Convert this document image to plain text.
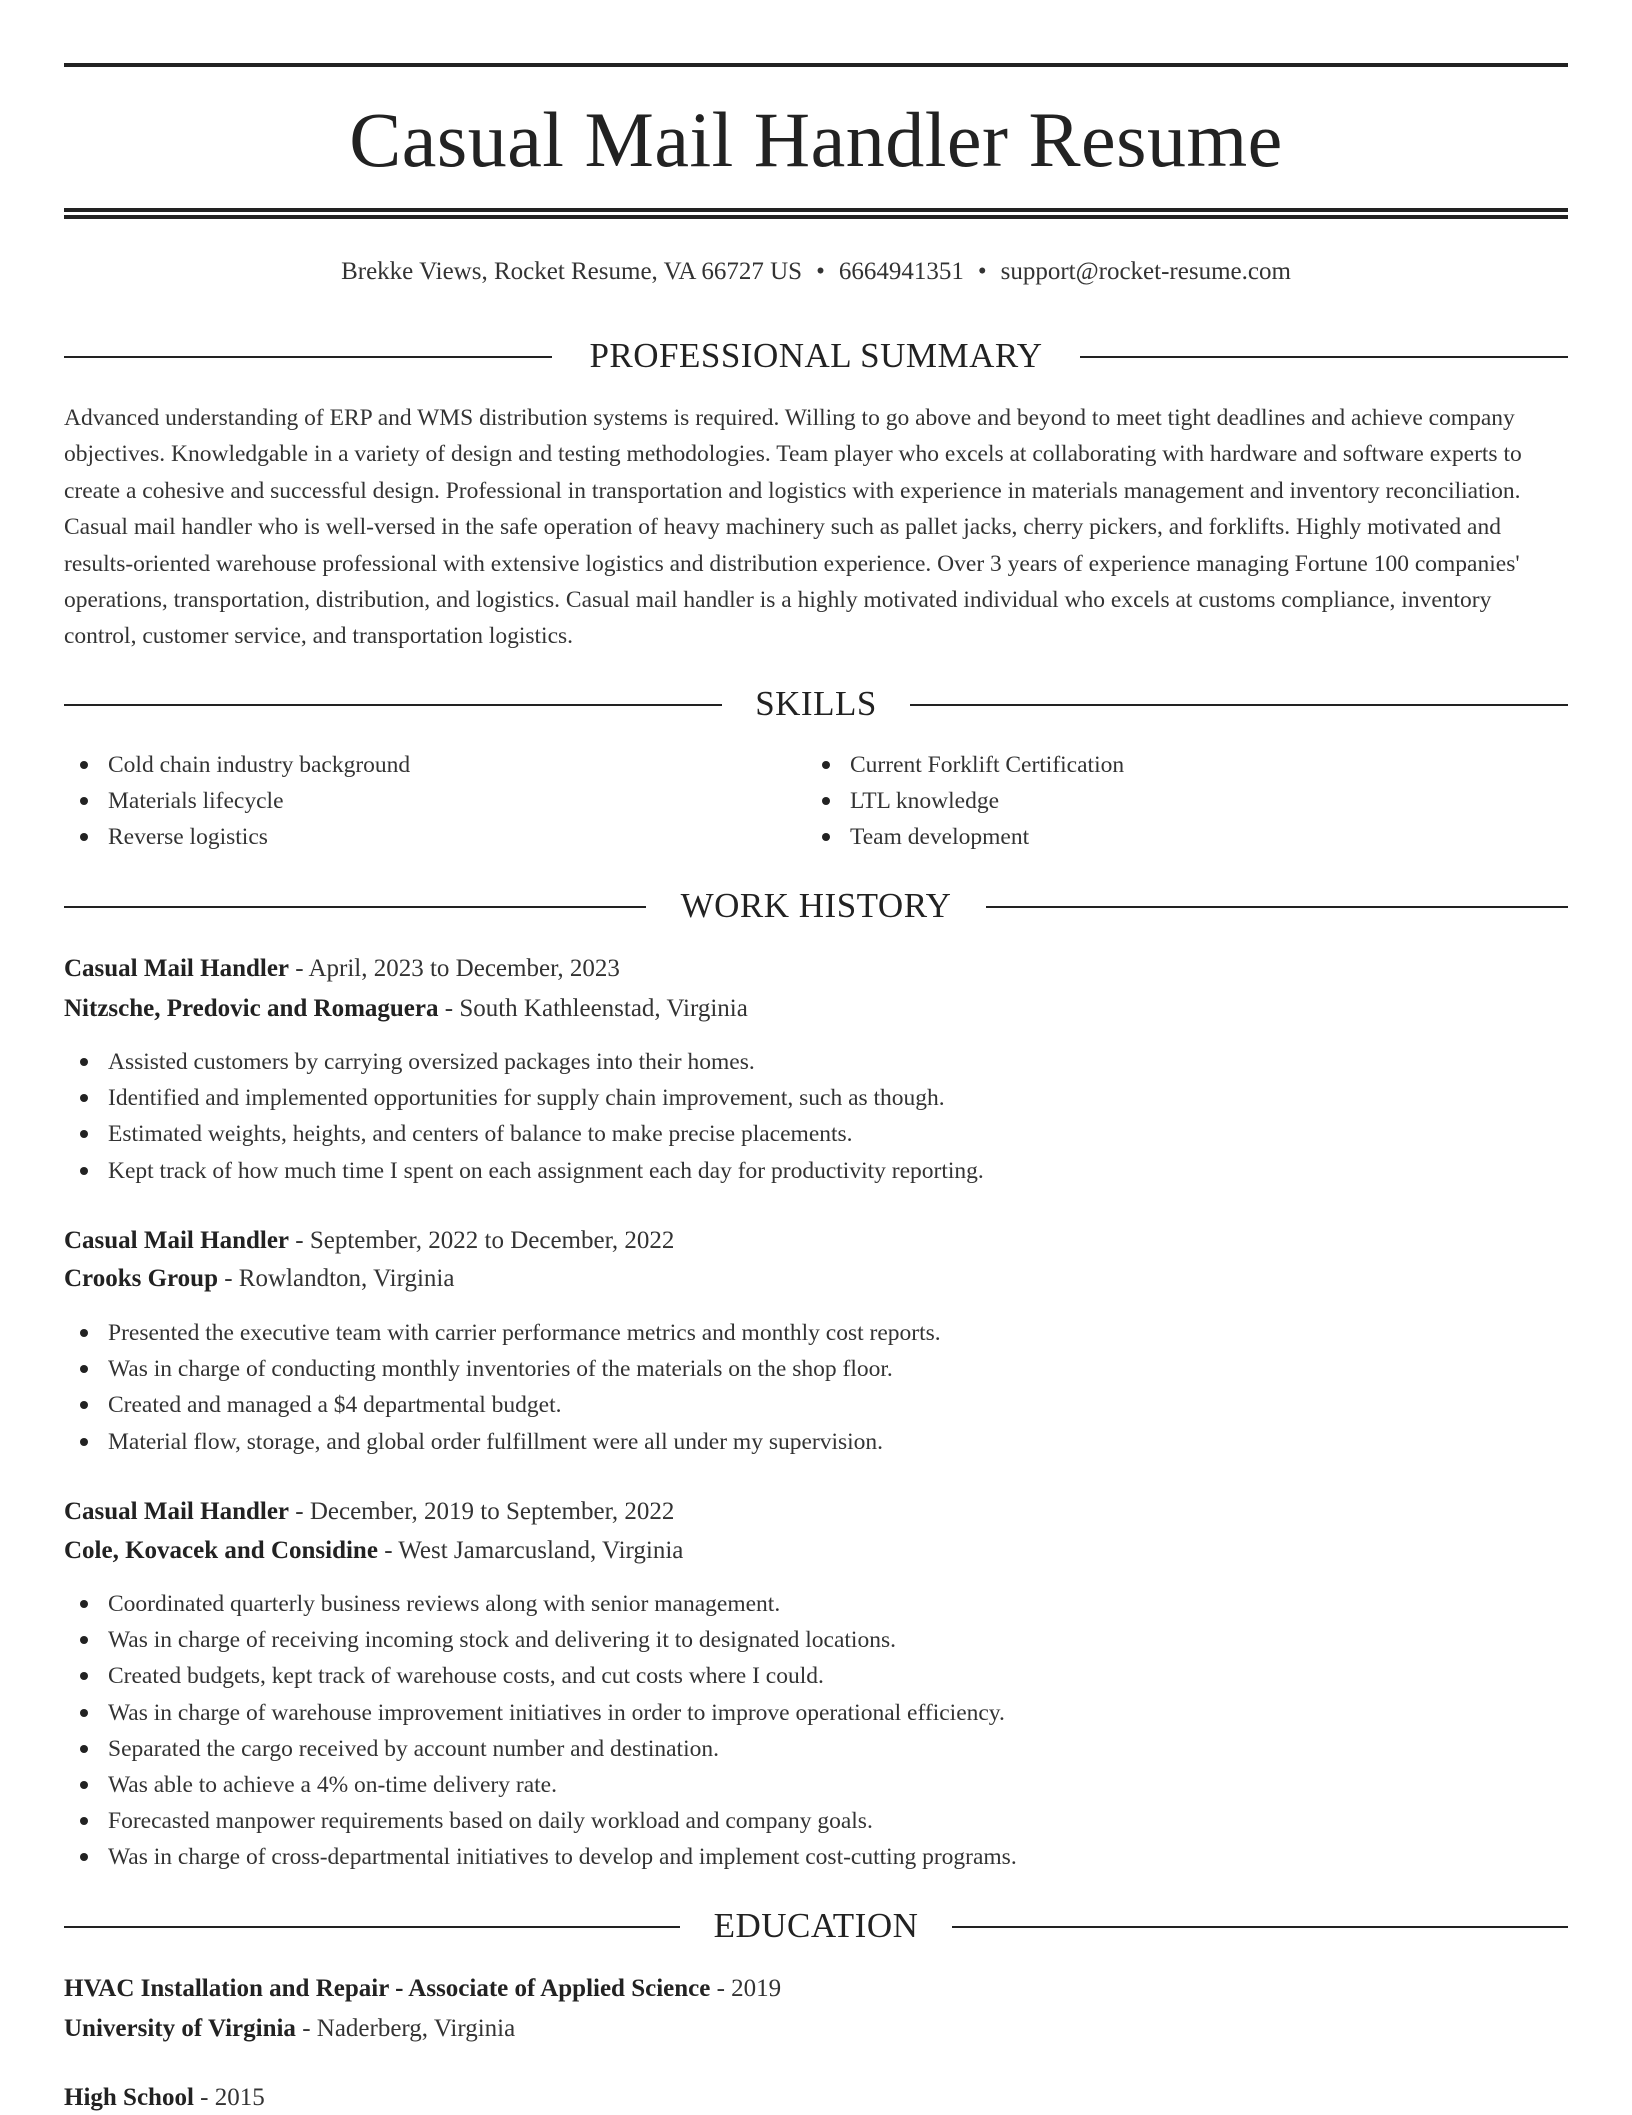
Casual Mail Handler Resume
Brekke Views, Rocket Resume, VA 66727 US • 6664941351 • support@rocket-resume.com
PROFESSIONAL SUMMARY

Advanced understanding of ERP and WMS distribution systems is required. Willing to go above and beyond to meet tight deadlines and achieve company objectives. Knowledgable in a variety of design and testing methodologies. Team player who excels at collaborating with hardware and software experts to create a cohesive and successful design. Professional in transportation and logistics with experience in materials management and inventory reconciliation. Casual mail handler who is well-versed in the safe operation of heavy machinery such as pallet jacks, cherry pickers, and forklifts. Highly motivated and results-oriented warehouse professional with extensive logistics and distribution experience. Over 3 years of experience managing Fortune 100 companies' operations, transportation, distribution, and logistics. Casual mail handler is a highly motivated individual who excels at customs compliance, inventory control, customer service, and transportation logistics.

SKILLS
Cold chain industry background
Materials lifecycle
Reverse logistics
Current Forklift Certification
LTL knowledge
Team development
WORK HISTORY
Casual Mail Handler - April, 2023 to December, 2023
Nitzsche, Predovic and Romaguera - South Kathleenstad, Virginia
Assisted customers by carrying oversized packages into their homes.
Identified and implemented opportunities for supply chain improvement, such as though.
Estimated weights, heights, and centers of balance to make precise placements.
Kept track of how much time I spent on each assignment each day for productivity reporting.
Casual Mail Handler - September, 2022 to December, 2022
Crooks Group - Rowlandton, Virginia
Presented the executive team with carrier performance metrics and monthly cost reports.
Was in charge of conducting monthly inventories of the materials on the shop floor.
Created and managed a $4 departmental budget.
Material flow, storage, and global order fulfillment were all under my supervision.
Casual Mail Handler - December, 2019 to September, 2022
Cole, Kovacek and Considine - West Jamarcusland, Virginia
Coordinated quarterly business reviews along with senior management.
Was in charge of receiving incoming stock and delivering it to designated locations.
Created budgets, kept track of warehouse costs, and cut costs where I could.
Was in charge of warehouse improvement initiatives in order to improve operational efficiency.
Separated the cargo received by account number and destination.
Was able to achieve a 4% on-time delivery rate.
Forecasted manpower requirements based on daily workload and company goals.
Was in charge of cross-departmental initiatives to develop and implement cost-cutting programs.
EDUCATION
HVAC Installation and Repair - Associate of Applied Science - 2019
University of Virginia - Naderberg, Virginia
High School - 2015
